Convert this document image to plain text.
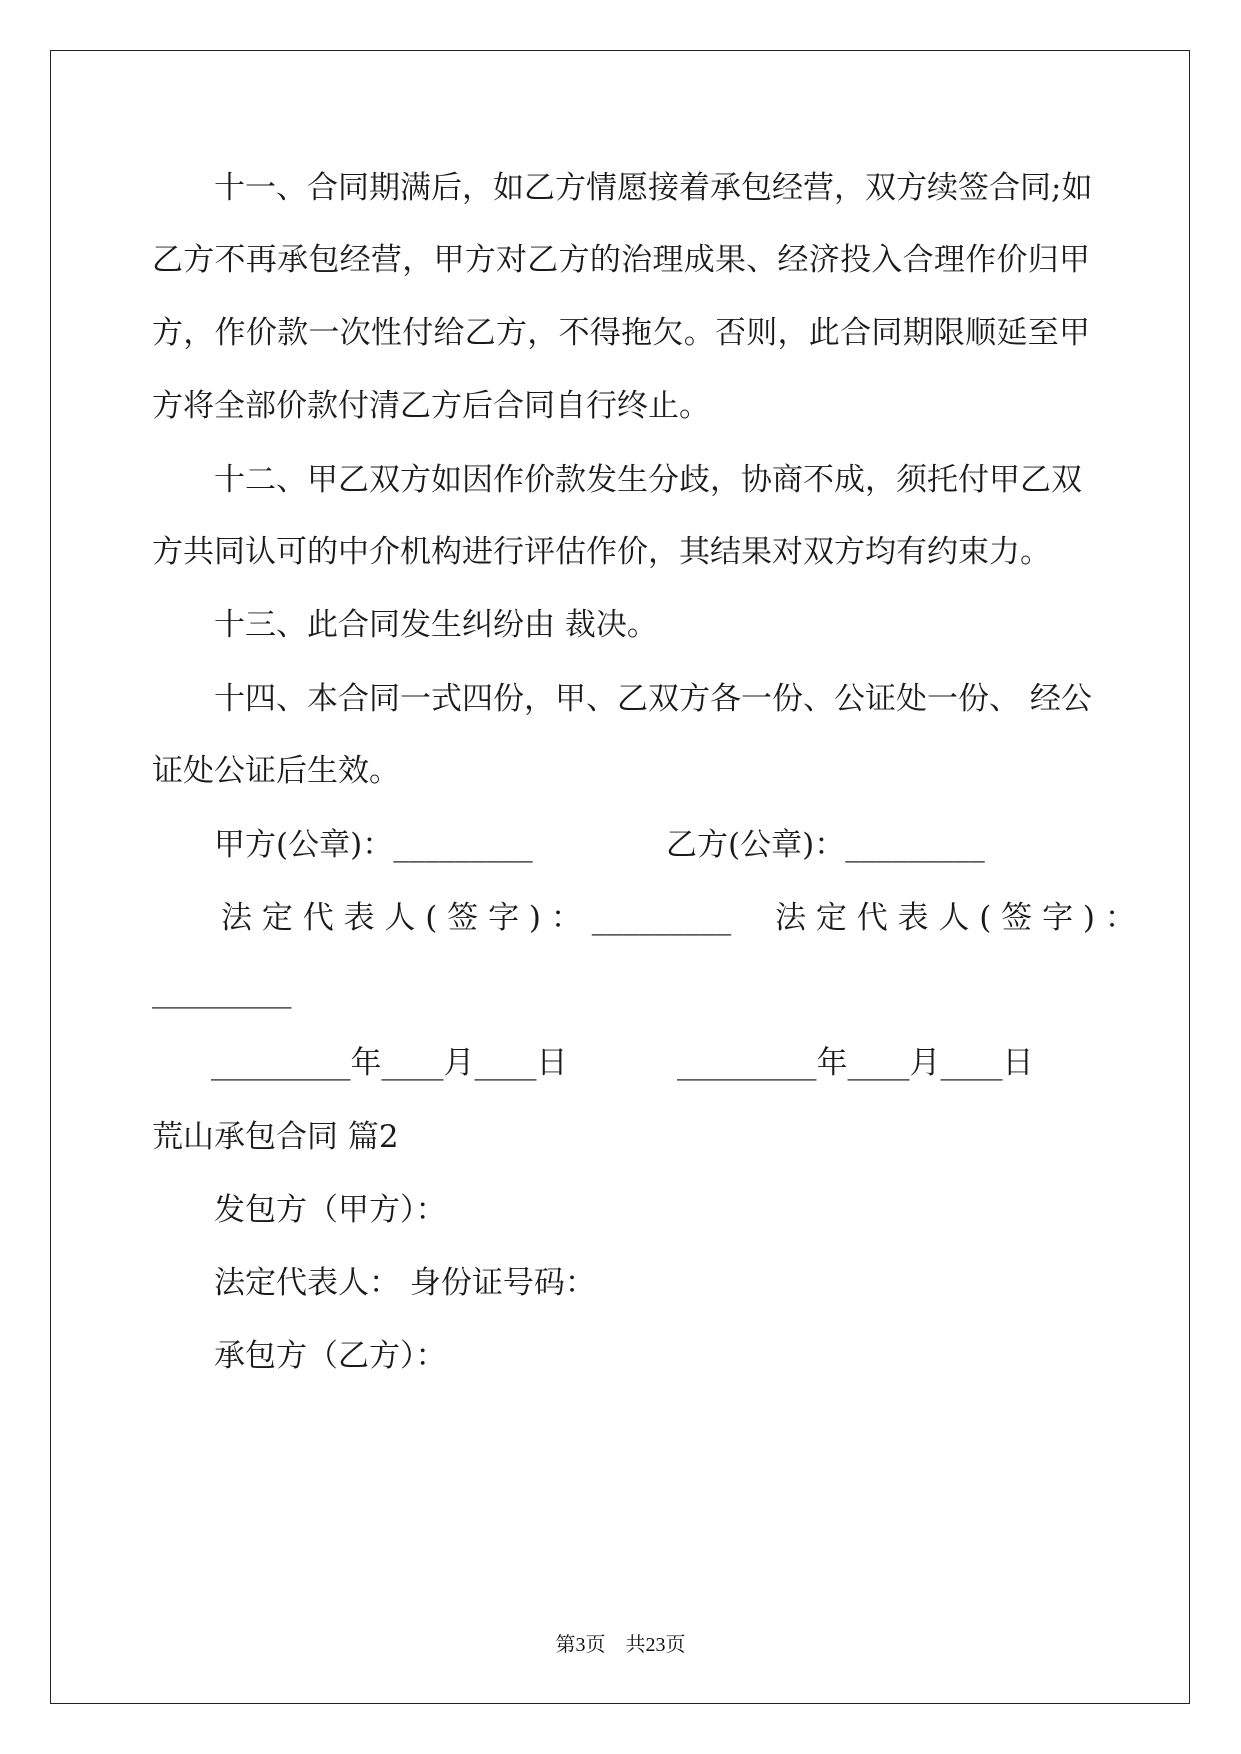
十一、合同期满后，如乙方情愿接着承包经营，双方续签合同;如

乙方不再承包经营，甲方对乙方的治理成果、经济投入合理作价归甲

方，作价款一次性付给乙方，不得拖欠。否则，此合同期限顺延至甲

方将全部价款付清乙方后合同自行终止。

十二、甲乙双方如因作价款发生分歧，协商不成，须托付甲乙双

方共同认可的中介机构进行评估作价，其结果对双方均有约束力。

十三、此合同发生纠纷由 裁决。

十四、本合同一式四份，甲、乙双方各一份、公证处一份、 经公

证处公证后生效。

甲方(公章)：_________	乙方(公章)：_________

法 定 代 表 人 ( 签 字 ) ： _________ 法 定 代 表 人 ( 签 字 ) ：

_________

_________年____月____日	_________年____月____日

荒山承包合同 篇2

发包方（甲方）：

法定代表人： 身份证号码：

承包方（乙方）：

第3页　共23页
